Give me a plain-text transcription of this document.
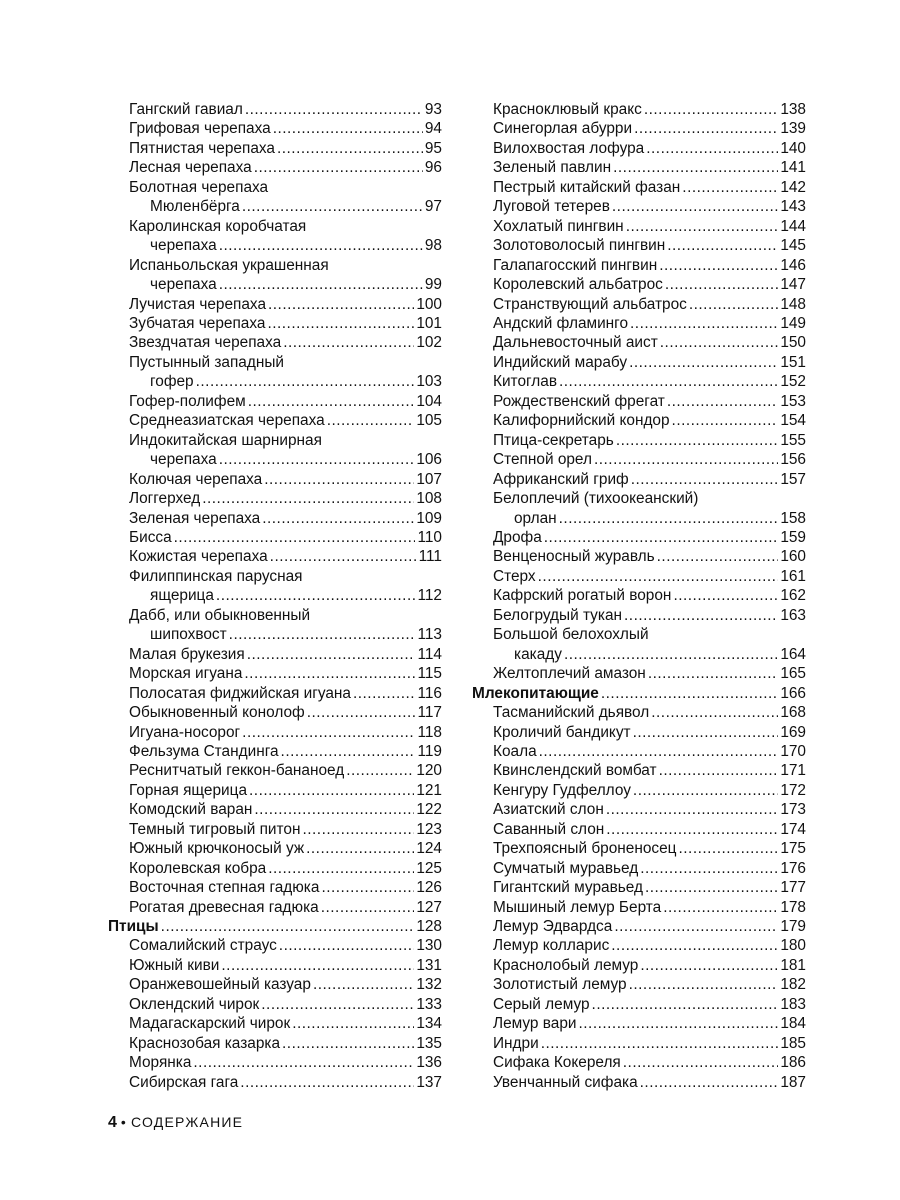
Гангский гавиал .....	93
Грифовая черепаха .....	94
Пятнистая черепаха .....	95
Лесная черепаха .....	96
Болотная черепаха
Мюленбёрга .....	97
Каролинская коробчатая
черепаха .....	98
Испаньольская украшенная
черепаха .....	99
Лучистая черепаха .....	100
Зубчатая черепаха .....	101
Звездчатая черепаха .....	102
Пустынный западный
гофер .....	103
Гофер-полифем .....	104
Среднеазиатская черепаха .....	105
Индокитайская шарнирная
черепаха .....	106
Колючая черепаха .....	107
Логгерхед .....	108
Зеленая черепаха .....	109
Бисса .....	110
Кожистая черепаха .....	111
Филиппинская парусная
ящерица .....	112
Дабб, или обыкновенный
шипохвост .....	113
Малая брукезия .....	114
Морская игуана .....	115
Полосатая фиджийская игуана .....	116
Обыкновенный конолоф .....	117
Игуана-носорог .....	118
Фельзума Стандинга .....	119
Реснитчатый геккон-бананоед .....	120
Горная ящерица .....	121
Комодский варан .....	122
Темный тигровый питон .....	123
Южный крючконосый уж .....	124
Королевская кобра .....	125
Восточная степная гадюка .....	126
Рогатая древесная гадюка .....	127
Птицы .....	128
Сомалийский страус .....	130
Южный киви .....	131
Оранжевошейный казуар .....	132
Оклендский чирок .....	133
Мадагаскарский чирок .....	134
Краснозобая казарка .....	135
Морянка .....	136
Сибирская гага .....	137
Красноклювый кракс .....	138
Синегорлая абурри .....	139
Вилохвостая лофура .....	140
Зеленый павлин .....	141
Пестрый китайский фазан .....	142
Луговой тетерев .....	143
Хохлатый пингвин .....	144
Золотоволосый пингвин .....	145
Галапагосский пингвин .....	146
Королевский альбатрос .....	147
Странствующий альбатрос .....	148
Андский фламинго .....	149
Дальневосточный аист .....	150
Индийский марабу .....	151
Китоглав .....	152
Рождественский фрегат .....	153
Калифорнийский кондор .....	154
Птица-секретарь .....	155
Степной орел .....	156
Африканский гриф .....	157
Белоплечий (тихоокеанский)
орлан .....	158
Дрофа .....	159
Венценосный журавль .....	160
Стерх .....	161
Кафрский рогатый ворон .....	162
Белогрудый тукан .....	163
Большой белохохлый
какаду .....	164
Желтоплечий амазон .....	165
Млекопитающие .....	166
Тасманийский дьявол .....	168
Кроличий бандикут .....	169
Коала .....	170
Квинслендский вомбат .....	171
Кенгуру Гудфеллоу .....	172
Азиатский слон .....	173
Саванный слон .....	174
Трехпоясный броненосец .....	175
Сумчатый муравьед .....	176
Гигантский муравьед .....	177
Мышиный лемур Берта .....	178
Лемур Эдвардса .....	179
Лемур колларис .....	180
Краснолобый лемур .....	181
Золотистый лемур .....	182
Серый лемур .....	183
Лемур вари .....	184
Индри .....	185
Сифака Кокереля .....	186
Увенчанный сифака .....	187
4 • СОДЕРЖАНИЕ
